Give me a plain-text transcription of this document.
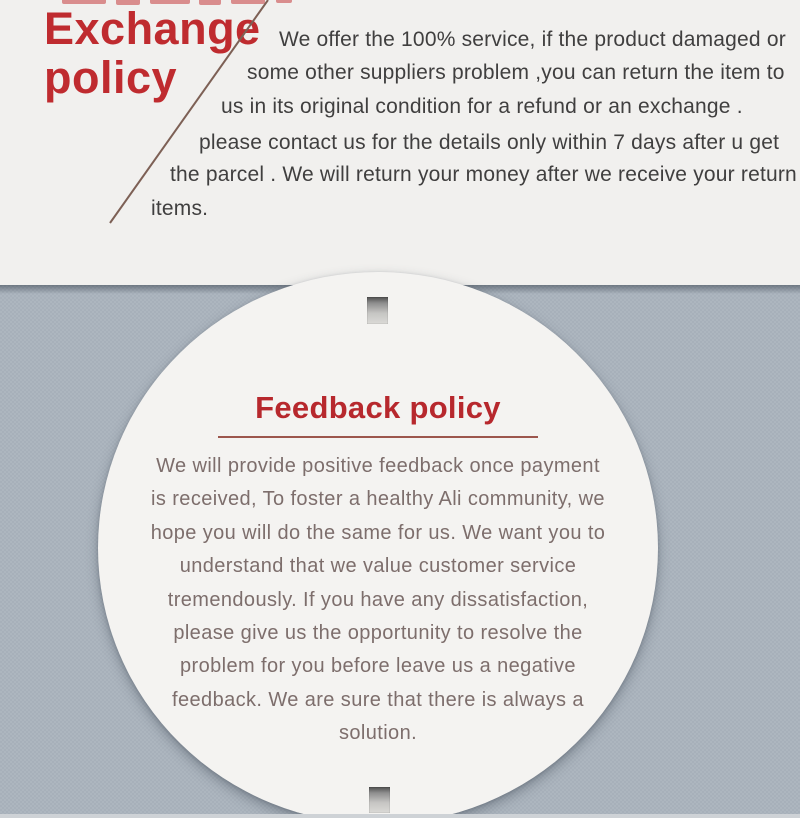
Exchange
policy

We offer the 100% service, if the product damaged or

some other suppliers problem ,you can return the item to

us in its original condition for a refund or an exchange .

please contact us for the details only within 7 days after u get

the parcel . We will return your money after we receive your return

items.

Feedback policy

We will provide positive feedback once payment

is received, To foster a healthy Ali community, we

hope you will do the same for us. We want you to

understand that we value customer service

tremendously. If you have any dissatisfaction,

please give us the opportunity to resolve the

problem for you before leave us a negative

feedback. We are sure that there is always a

solution.
